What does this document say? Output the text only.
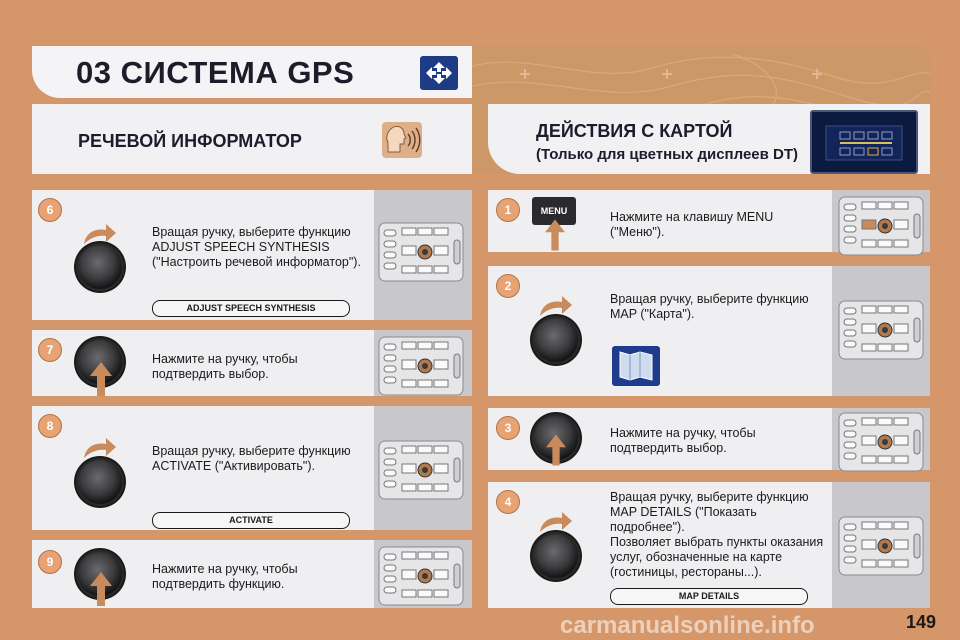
03 СИСТЕМА GPS
РЕЧЕВОЙ ИНФОРМАТОР	ДЕЙСТВИЯ С КАРТОЙ
(Только для цветных дисплеев DT)
6
Вращая ручку, выберите функцию
ADJUST SPEECH SYNTHESIS
("Настроить речевой информатор").
ADJUST SPEECH SYNTHESIS
7
Нажмите на ручку, чтобы
подтвердить выбор.
8
Вращая ручку, выберите функцию
ACTIVATE ("Активировать").
ACTIVATE
9	Нажмите на ручку, чтобы
подтвердить функцию.
1	MENU	Нажмите на клавишу MENU
("Меню").
2
Вращая ручку, выберите функцию
MAP ("Карта").
3	Нажмите на ручку, чтобы
подтвердить выбор.
4	Вращая ручку, выберите функцию
MAP DETAILS ("Показать
подробнее").
Позволяет выбрать пункты оказания
услуг, обозначенные на карте
(гостиницы, рестораны...).
MAP DETAILS
149
carmanualsonline.info
